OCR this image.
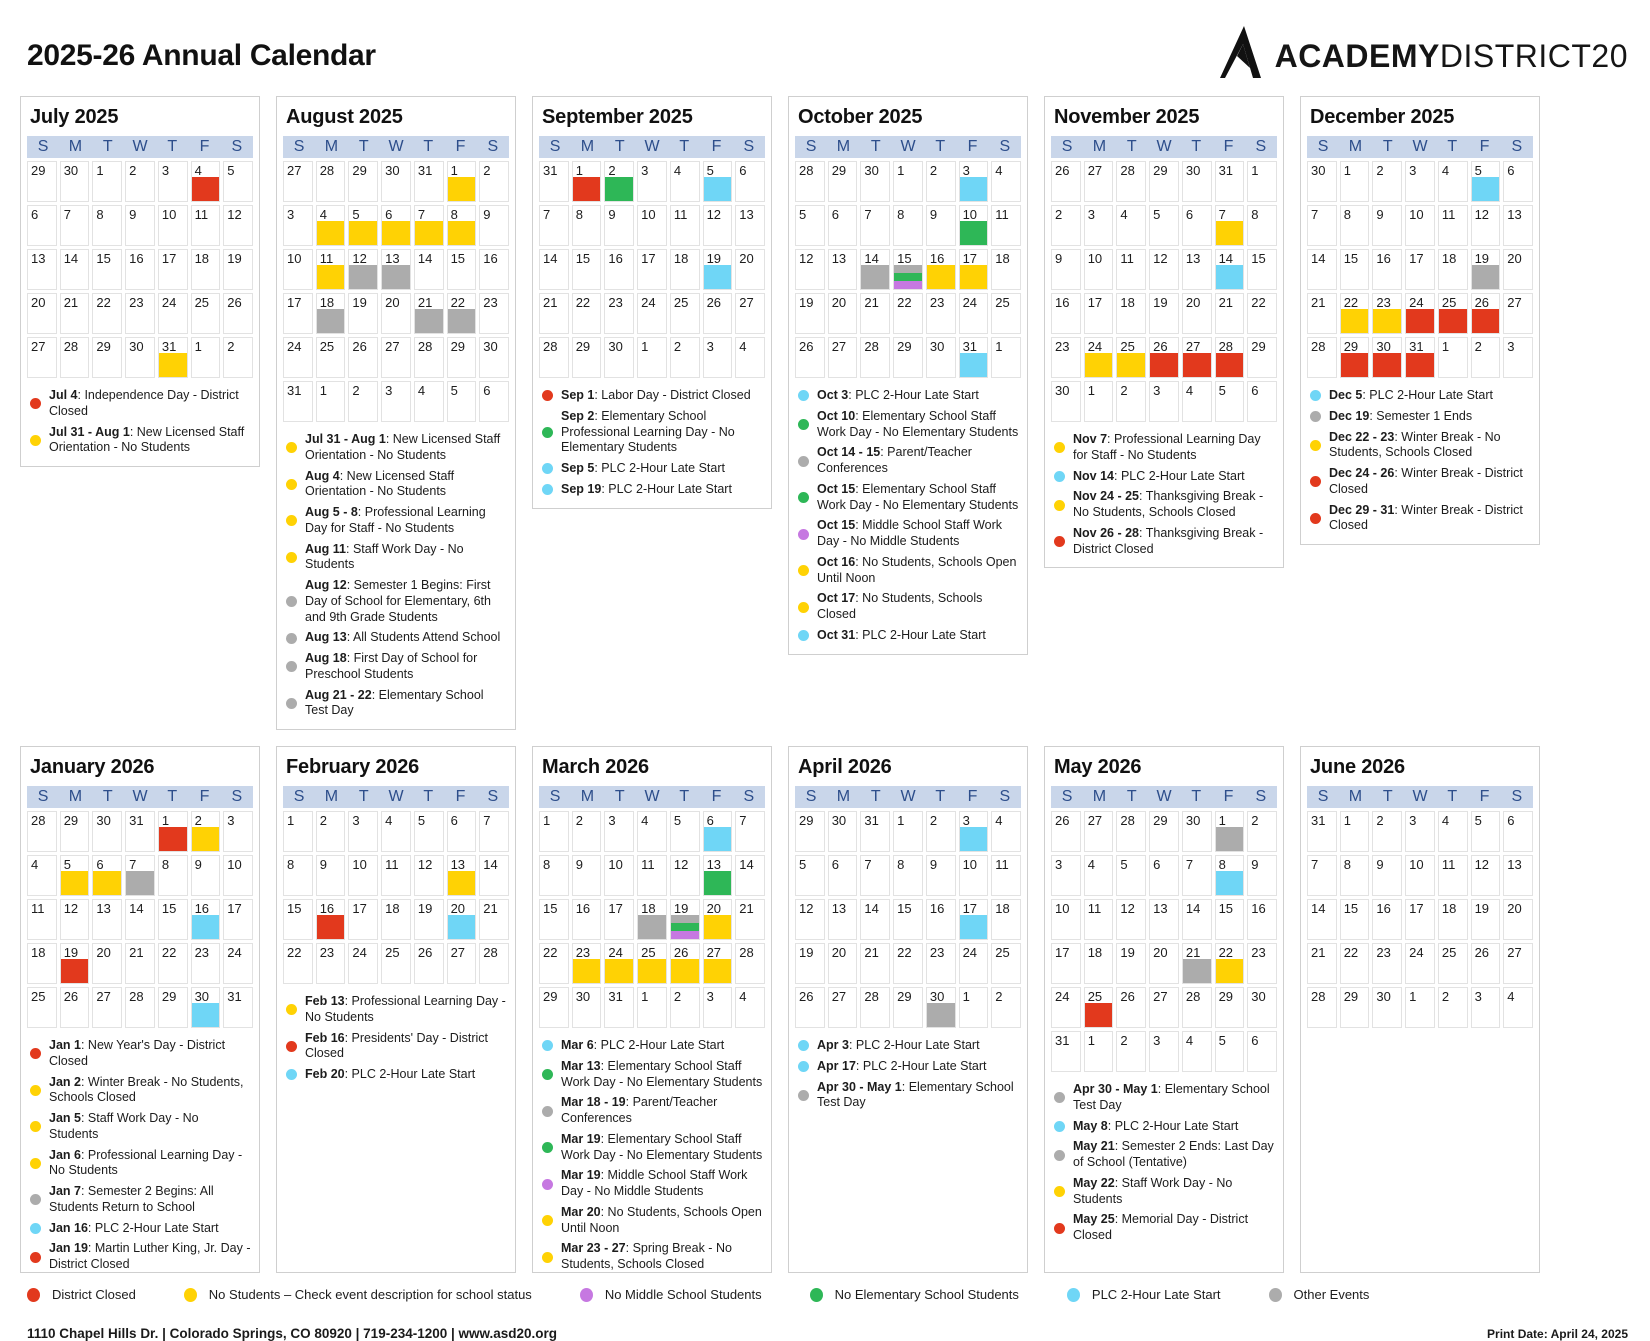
2025-26 Annual Calendar	ACADEMYDISTRICT20
July 2025
S	M	T	W	T	F	S
29 30 1 2 3 4 5
6 7 8 9 10 11 12
13 14 15 16 17 18 19
20 21 22 23 24 25 26
27 28 29 30 31 1 2
Jul 4: Independence Day - District Closed
Jul 31 - Aug 1: New Licensed Staff Orientation - No Students
August 2025
S	M	T	W	T	F	S
27 28 29 30 31 1 2
3 4 5 6 7 8 9
10 11 12 13 14 15 16
17 18 19 20 21 22 23
24 25 26 27 28 29 30
31 1 2 3 4 5 6
Jul 31 - Aug 1: New Licensed Staff Orientation - No Students
Aug 4: New Licensed Staff Orientation - No Students
Aug 5 - 8: Professional Learning Day for Staff - No Students
Aug 11: Staff Work Day - No Students
Aug 12: Semester 1 Begins: First Day of School for Elementary, 6th and 9th Grade Students
Aug 13: All Students Attend School
Aug 18: First Day of School for Preschool Students
Aug 21 - 22: Elementary School Test Day
September 2025
S	M	T	W	T	F	S
31 1 2 3 4 5 6
7 8 9 10 11 12 13
14 15 16 17 18 19 20
21 22 23 24 25 26 27
28 29 30 1 2 3 4
Sep 1: Labor Day - District Closed
Sep 2: Elementary School Professional Learning Day - No Elementary Students
Sep 5: PLC 2-Hour Late Start
Sep 19: PLC 2-Hour Late Start
October 2025
S	M	T	W	T	F	S
28 29 30 1 2 3 4
5 6 7 8 9 10 11
12 13 14 15 16 17 18
19 20 21 22 23 24 25
26 27 28 29 30 31 1
Oct 3: PLC 2-Hour Late Start
Oct 10: Elementary School Staff Work Day - No Elementary Students
Oct 14 - 15: Parent/Teacher Conferences
Oct 15: Elementary School Staff Work Day - No Elementary Students
Oct 15: Middle School Staff Work Day - No Middle Students
Oct 16: No Students, Schools Open Until Noon
Oct 17: No Students, Schools Closed
Oct 31: PLC 2-Hour Late Start
November 2025
S	M	T	W	T	F	S
26 27 28 29 30 31 1
2 3 4 5 6 7 8
9 10 11 12 13 14 15
16 17 18 19 20 21 22
23 24 25 26 27 28 29
30 1 2 3 4 5 6
Nov 7: Professional Learning Day for Staff - No Students
Nov 14: PLC 2-Hour Late Start
Nov 24 - 25: Thanksgiving Break - No Students, Schools Closed
Nov 26 - 28: Thanksgiving Break - District Closed
December 2025
S	M	T	W	T	F	S
30 1 2 3 4 5 6
7 8 9 10 11 12 13
14 15 16 17 18 19 20
21 22 23 24 25 26 27
28 29 30 31 1 2 3
Dec 5: PLC 2-Hour Late Start
Dec 19: Semester 1 Ends
Dec 22 - 23: Winter Break - No Students, Schools Closed
Dec 24 - 26: Winter Break - District Closed
Dec 29 - 31: Winter Break - District Closed
January 2026
S	M	T	W	T	F	S
28 29 30 31 1 2 3
4 5 6 7 8 9 10
11 12 13 14 15 16 17
18 19 20 21 22 23 24
25 26 27 28 29 30 31
Jan 1: New Year's Day - District Closed
Jan 2: Winter Break - No Students, Schools Closed
Jan 5: Staff Work Day - No Students
Jan 6: Professional Learning Day - No Students
Jan 7: Semester 2 Begins: All Students Return to School
Jan 16: PLC 2-Hour Late Start
Jan 19: Martin Luther King, Jr. Day - District Closed
February 2026
S	M	T	W	T	F	S
1 2 3 4 5 6 7
8 9 10 11 12 13 14
15 16 17 18 19 20 21
22 23 24 25 26 27 28
Feb 13: Professional Learning Day - No Students
Feb 16: Presidents' Day - District Closed
Feb 20: PLC 2-Hour Late Start
March 2026
S	M	T	W	T	F	S
1 2 3 4 5 6 7
8 9 10 11 12 13 14
15 16 17 18 19 20 21
22 23 24 25 26 27 28
29 30 31 1 2 3 4
Mar 6: PLC 2-Hour Late Start
Mar 13: Elementary School Staff Work Day - No Elementary Students
Mar 18 - 19: Parent/Teacher Conferences
Mar 19: Elementary School Staff Work Day - No Elementary Students
Mar 19: Middle School Staff Work Day - No Middle Students
Mar 20: No Students, Schools Open Until Noon
Mar 23 - 27: Spring Break - No Students, Schools Closed
April 2026
S	M	T	W	T	F	S
29 30 31 1 2 3 4
5 6 7 8 9 10 11
12 13 14 15 16 17 18
19 20 21 22 23 24 25
26 27 28 29 30 1 2
Apr 3: PLC 2-Hour Late Start
Apr 17: PLC 2-Hour Late Start
Apr 30 - May 1: Elementary School Test Day
May 2026
S	M	T	W	T	F	S
26 27 28 29 30 1 2
3 4 5 6 7 8 9
10 11 12 13 14 15 16
17 18 19 20 21 22 23
24 25 26 27 28 29 30
31 1 2 3 4 5 6
Apr 30 - May 1: Elementary School Test Day
May 8: PLC 2-Hour Late Start
May 21: Semester 2 Ends: Last Day of School (Tentative)
May 22: Staff Work Day - No Students
May 25: Memorial Day - District Closed
June 2026
S	M	T	W	T	F	S
31 1 2 3 4 5 6
7 8 9 10 11 12 13
14 15 16 17 18 19 20
21 22 23 24 25 26 27
28 29 30 1 2 3 4
District Closed	No Students – Check event description for school status	No Middle School Students	No Elementary School Students	PLC 2-Hour Late Start	Other Events
1110 Chapel Hills Dr. | Colorado Springs, CO 80920 | 719-234-1200 | www.asd20.org	Print Date: April 24, 2025
